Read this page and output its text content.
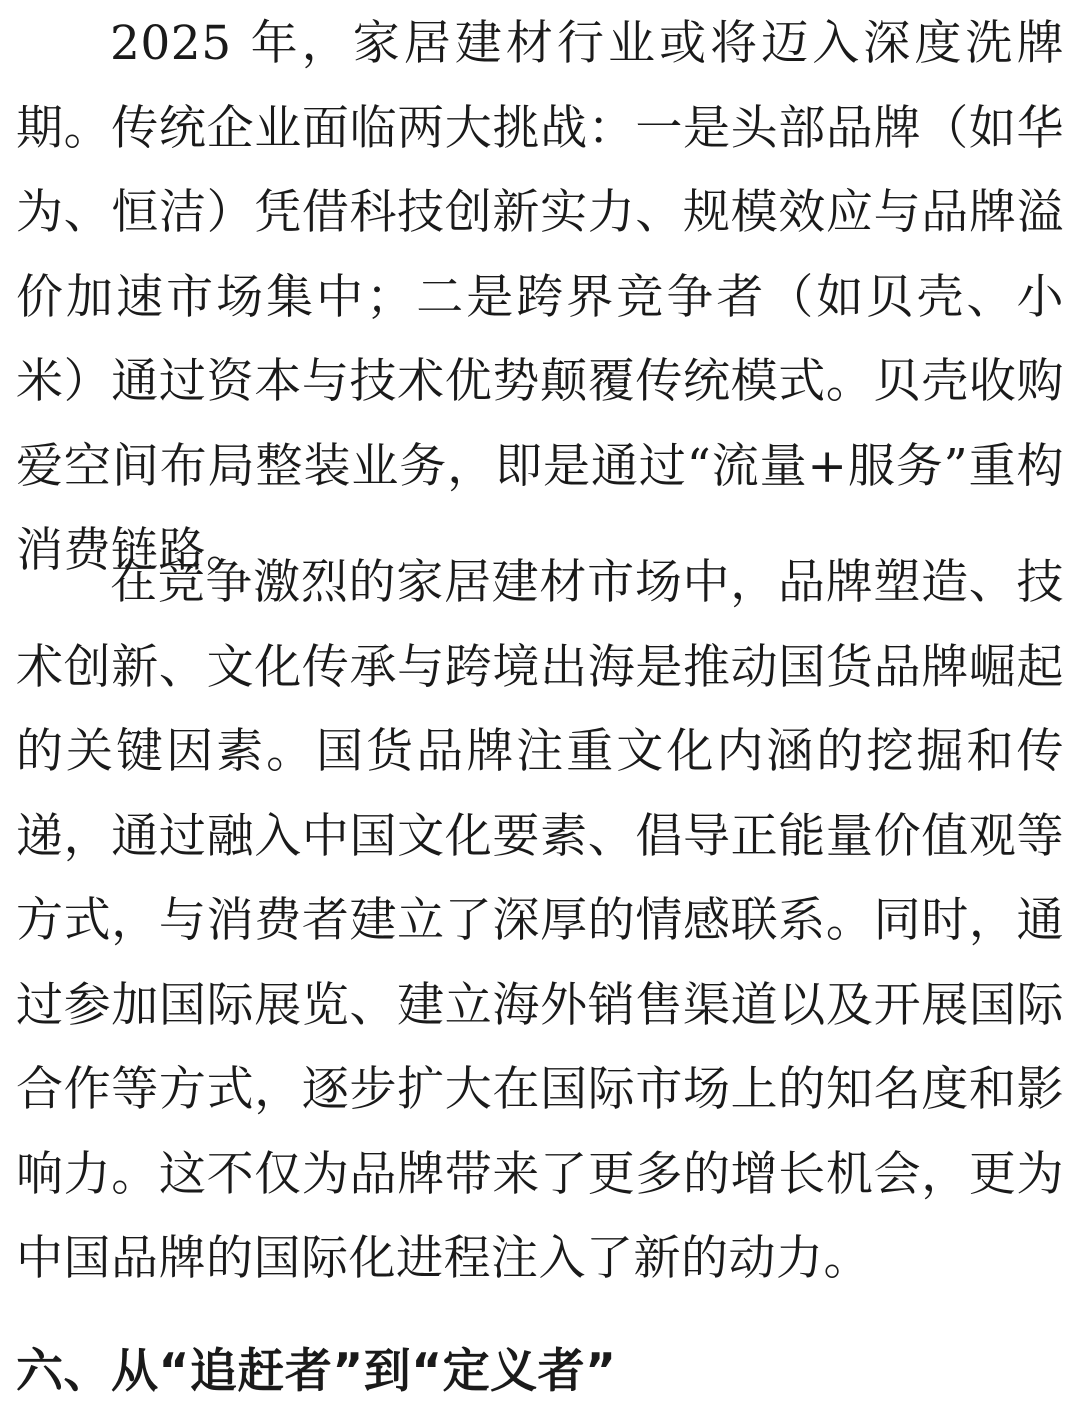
2025 年，家居建材行业或将迈入深度洗牌期。传统企业面临两大挑战：一是头部品牌（如华为、恒洁）凭借科技创新实力、规模效应与品牌溢价加速市场集中；二是跨界竞争者（如贝壳、小米）通过资本与技术优势颠覆传统模式。贝壳收购爱空间布局整装业务，即是通过“流量+服务”重构消费链路。

在竞争激烈的家居建材市场中，品牌塑造、技术创新、文化传承与跨境出海是推动国货品牌崛起的关键因素。国货品牌注重文化内涵的挖掘和传递，通过融入中国文化要素、倡导正能量价值观等方式，与消费者建立了深厚的情感联系。同时，通过参加国际展览、建立海外销售渠道以及开展国际合作等方式，逐步扩大在国际市场上的知名度和影响力。这不仅为品牌带来了更多的增长机会，更为中国品牌的国际化进程注入了新的动力。

六、从“追赶者”到“定义者”
